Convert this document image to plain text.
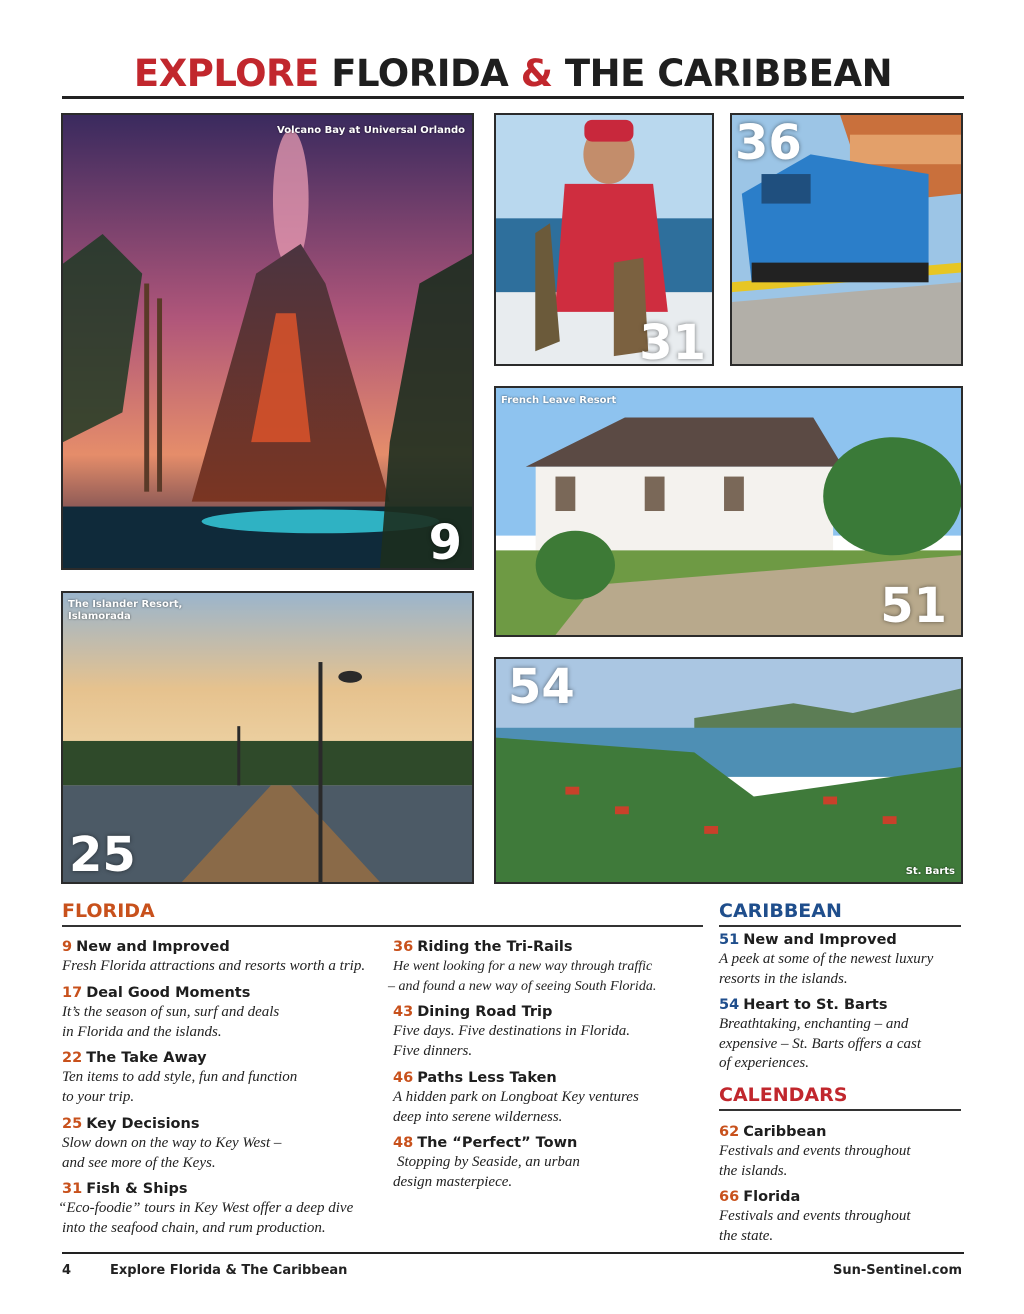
EXPLORE FLORIDA & THE CARIBBEAN
Volcano Bay at Universal Orlando
9
31
36
French Leave Resort
51
The Islander Resort,
Islamorada
25
54
St. Barts
FLORIDA
9 New and Improved
Fresh Florida attractions and resorts worth a trip.
17 Deal Good Moments
It’s the season of sun, surf and deals
in Florida and the islands.
22 The Take Away
Ten items to add style, fun and function
to your trip.
25 Key Decisions
Slow down on the way to Key West –
and see more of the Keys.
31 Fish & Ships
“Eco-foodie” tours in Key West offer a deep dive
into the seafood chain, and rum production.
36 Riding the Tri-Rails
He went looking for a new way through traffic
– and found a new way of seeing South Florida.
43 Dining Road Trip
Five days. Five destinations in Florida.
Five dinners.
46 Paths Less Taken
A hidden park on Longboat Key ventures
deep into serene wilderness.
48 The “Perfect” Town
Stopping by Seaside, an urban
design masterpiece.
CARIBBEAN
51 New and Improved
A peek at some of the newest luxury
resorts in the islands.
54 Heart to St. Barts
Breathtaking, enchanting – and
expensive – St. Barts offers a cast
of experiences.
CALENDARS
62 Caribbean
Festivals and events throughout
the islands.
66 Florida
Festivals and events throughout
the state.
4	Explore Florida & The Caribbean	Sun-Sentinel.com
